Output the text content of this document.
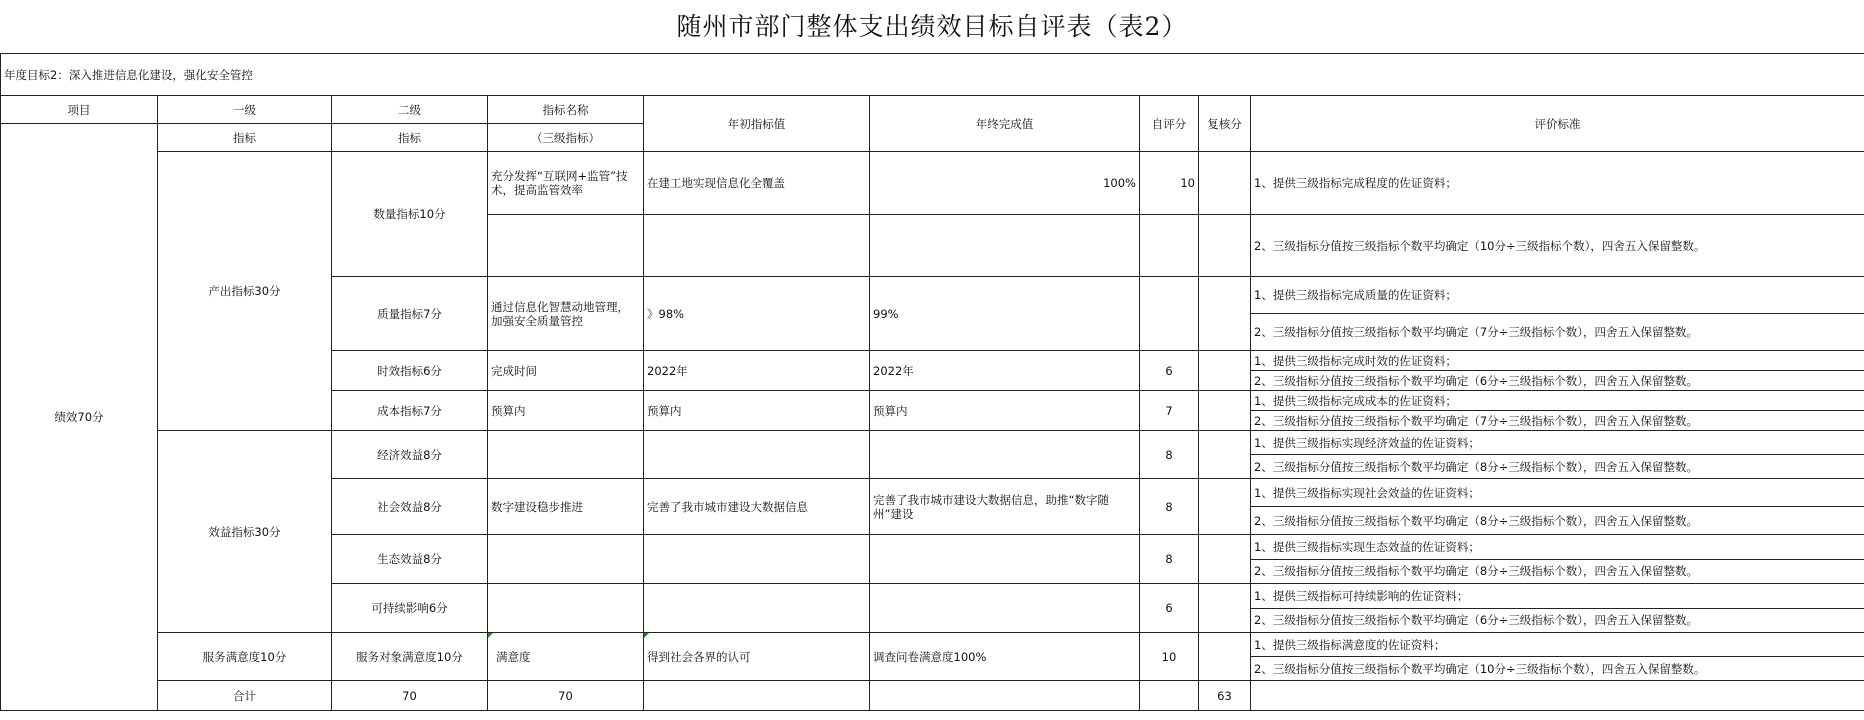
随州市部门整体支出绩效目标自评表（表2）
年度目标2：深入推进信息化建设，强化安全管控									
项目	一级	二级	指标名称	年初指标值	年终完成值	自评分	复核分	评价标准	
绩效70分	指标	指标	（三级指标）						
	产出指标30分	数量指标10分	充分发挥“互联网+监管”技术，提高监管效率	在建工地实现信息化全覆盖	100%	10		1、提供三级指标完成程度的佐证资料；	

2、三级指标分值按三级指标个数平均确定（10分÷三级指标个数），四舍五入保留整数。	

		质量指标7分	通过信息化智慧动地管理，加强安全质量管控	》98%	99%			1、提供三级指标完成质量的佐证资料；
2、三级指标分值按三级指标个数平均确定（7分÷三级指标个数），四舍五入保留整数。	

		时效指标6分	完成时间	2022年	2022年	6		1、提供三级指标完成时效的佐证资料；
2、三级指标分值按三级指标个数平均确定（6分÷三级指标个数），四舍五入保留整数。	

		成本指标7分	预算内	预算内	预算内	7		1、提供三级指标完成成本的佐证资料；
2、三级指标分值按三级指标个数平均确定（7分÷三级指标个数），四舍五入保留整数。	

	效益指标30分	经济效益8分				8		1、提供三级指标实现经济效益的佐证资料；
2、三级指标分值按三级指标个数平均确定（8分÷三级指标个数），四舍五入保留整数。	

		社会效益8分	数字建设稳步推进	完善了我市城市建设大数据信息	完善了我市城市建设大数据信息，助推“数字随州”建设	8		1、提供三级指标实现社会效益的佐证资料；
2、三级指标分值按三级指标个数平均确定（8分÷三级指标个数），四舍五入保留整数。	

		生态效益8分				8		1、提供三级指标实现生态效益的佐证资料；
2、三级指标分值按三级指标个数平均确定（8分÷三级指标个数），四舍五入保留整数。	

		可持续影响6分				6		1、提供三级指标可持续影响的佐证资料；
2、三级指标分值按三级指标个数平均确定（6分÷三级指标个数），四舍五入保留整数。	

	服务满意度10分	服务对象满意度10分	满意度	得到社会各界的认可	调查问卷满意度100%	10		1、提供三级指标满意度的佐证资料；
2、三级指标分值按三级指标个数平均确定（10分÷三级指标个数），四舍五入保留整数。	

	合计	70	70				63		
